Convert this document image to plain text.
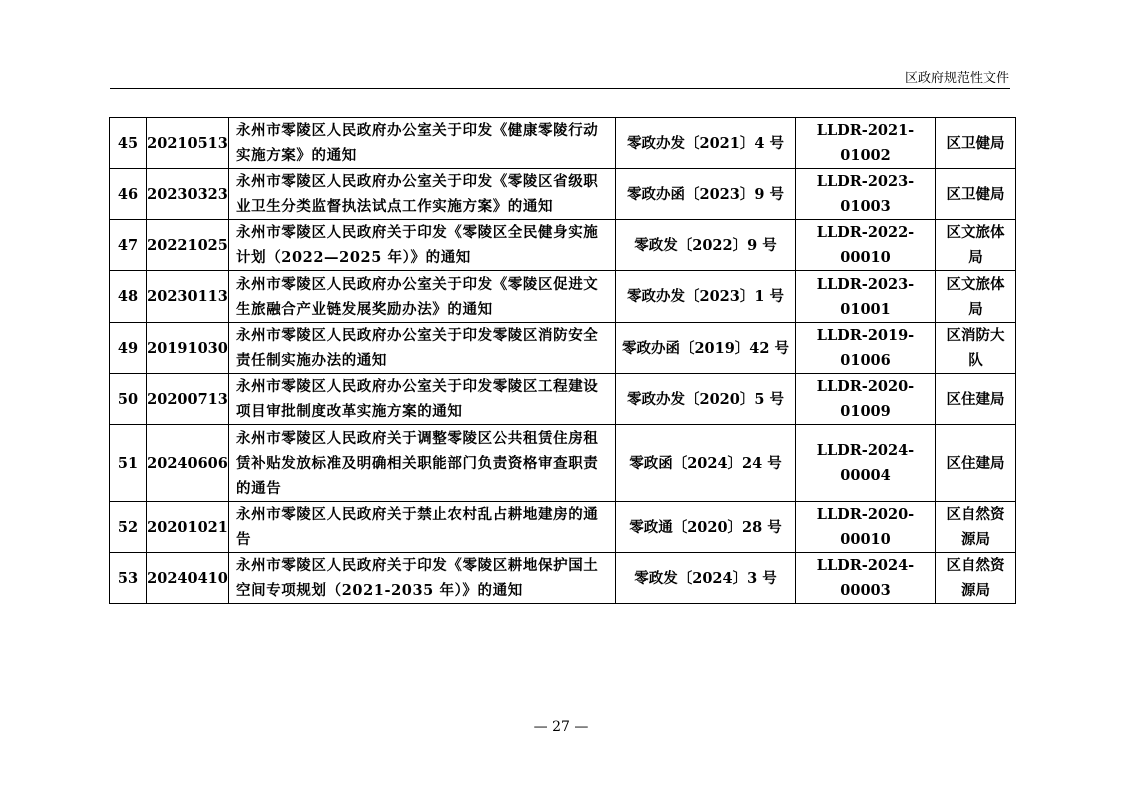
区政府规范性文件
45	20210513	永州市零陵区人民政府办公室关于印发《健康零陵行动实施方案》的通知	零政办发〔2021〕4 号	LLDR-2021-01002	区卫健局
46	20230323	永州市零陵区人民政府办公室关于印发《零陵区省级职业卫生分类监督执法试点工作实施方案》的通知	零政办函〔2023〕9 号	LLDR-2023-01003	区卫健局
47	20221025	永州市零陵区人民政府关于印发《零陵区全民健身实施计划（2022—2025 年）》的通知	零政发〔2022〕9 号	LLDR-2022-00010	区文旅体局
48	20230113	永州市零陵区人民政府办公室关于印发《零陵区促进文生旅融合产业链发展奖励办法》的通知	零政办发〔2023〕1 号	LLDR-2023-01001	区文旅体局
49	20191030	永州市零陵区人民政府办公室关于印发零陵区消防安全责任制实施办法的通知	零政办函〔2019〕42 号	LLDR-2019-01006	区消防大队
50	20200713	永州市零陵区人民政府办公室关于印发零陵区工程建设项目审批制度改革实施方案的通知	零政办发〔2020〕5 号	LLDR-2020-01009	区住建局
51	20240606	永州市零陵区人民政府关于调整零陵区公共租赁住房租赁补贴发放标准及明确相关职能部门负责资格审查职责的通告	零政函〔2024〕24 号	LLDR-2024-00004	区住建局
52	20201021	永州市零陵区人民政府关于禁止农村乱占耕地建房的通告	零政通〔2020〕28 号	LLDR-2020-00010	区自然资源局
53	20240410	永州市零陵区人民政府关于印发《零陵区耕地保护国土空间专项规划（2021-2035 年）》的通知	零政发〔2024〕3 号	LLDR-2024-00003	区自然资源局
— 27 —
